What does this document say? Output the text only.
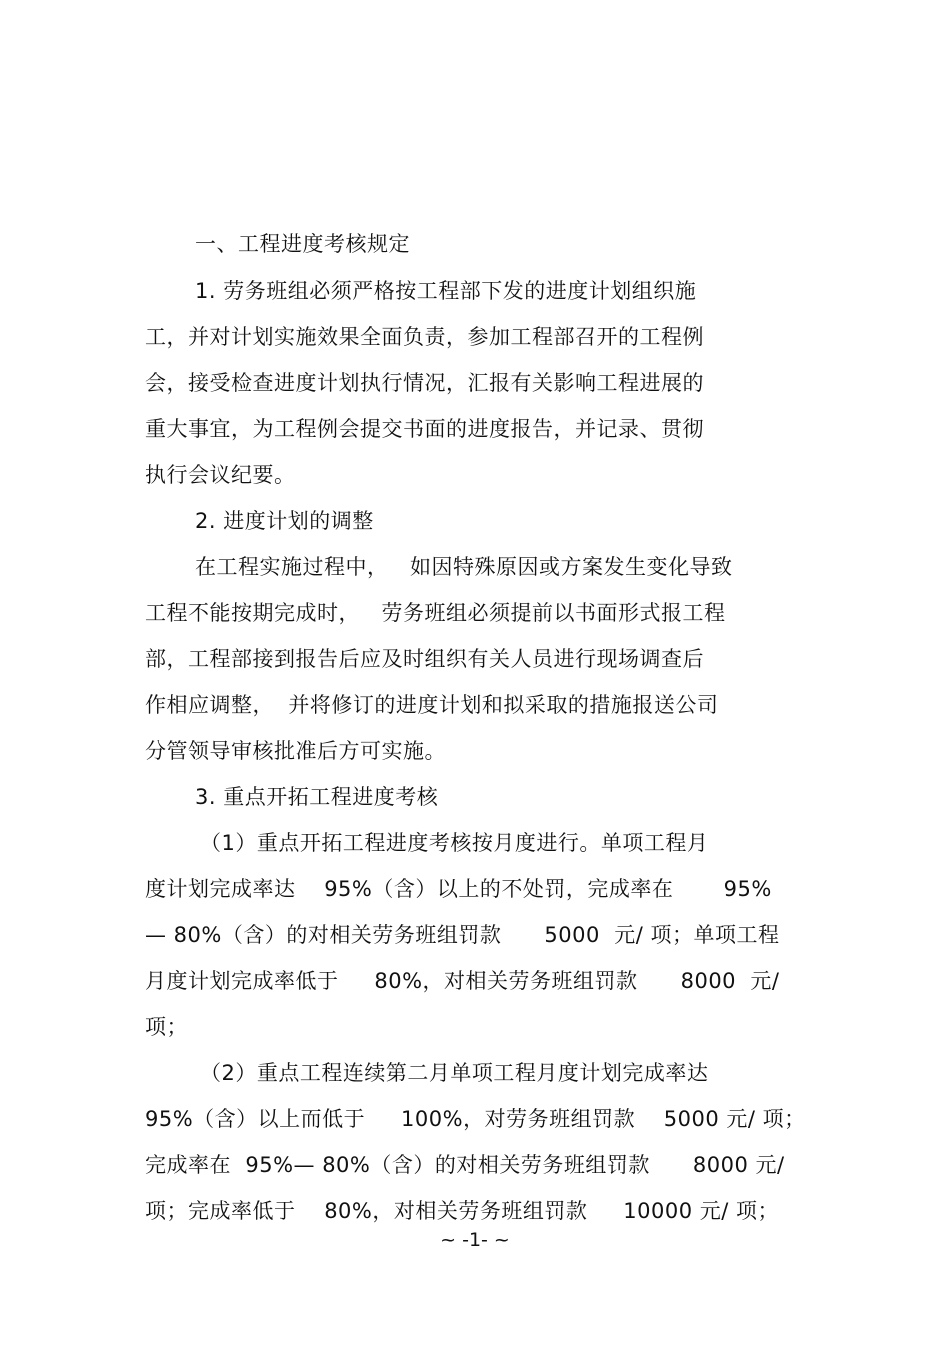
一、工程进度考核规定
1. 劳务班组必须严格按工程部下发的进度计划组织施
工，并对计划实施效果全面负责，参加工程部召开的工程例
会，接受检查进度计划执行情况，汇报有关影响工程进展的
重大事宜，为工程例会提交书面的进度报告，并记录、贯彻
执行会议纪要。
2. 进度计划的调整
在工程实施过程中，   如因特殊原因或方案发生变化导致
工程不能按期完成时，   劳务班组必须提前以书面形式报工程
部，工程部接到报告后应及时组织有关人员进行现场调查后
作相应调整，  并将修订的进度计划和拟采取的措施报送公司
分管领导审核批准后方可实施。
3. 重点开拓工程进度考核
（1）重点开拓工程进度考核按月度进行。单项工程月
度计划完成率达    95%（含）以上的不处罚，完成率在       95%
— 80%（含）的对相关劳务班组罚款      5000  元/ 项；单项工程
月度计划完成率低于     80%，对相关劳务班组罚款      8000  元/
项；
（2）重点工程连续第二月单项工程月度计划完成率达
95%（含）以上而低于     100%，对劳务班组罚款    5000 元/ 项；
完成率在  95%— 80%（含）的对相关劳务班组罚款      8000 元/
项；完成率低于    80%，对相关劳务班组罚款     10000 元/ 项；
~ -1- ~
